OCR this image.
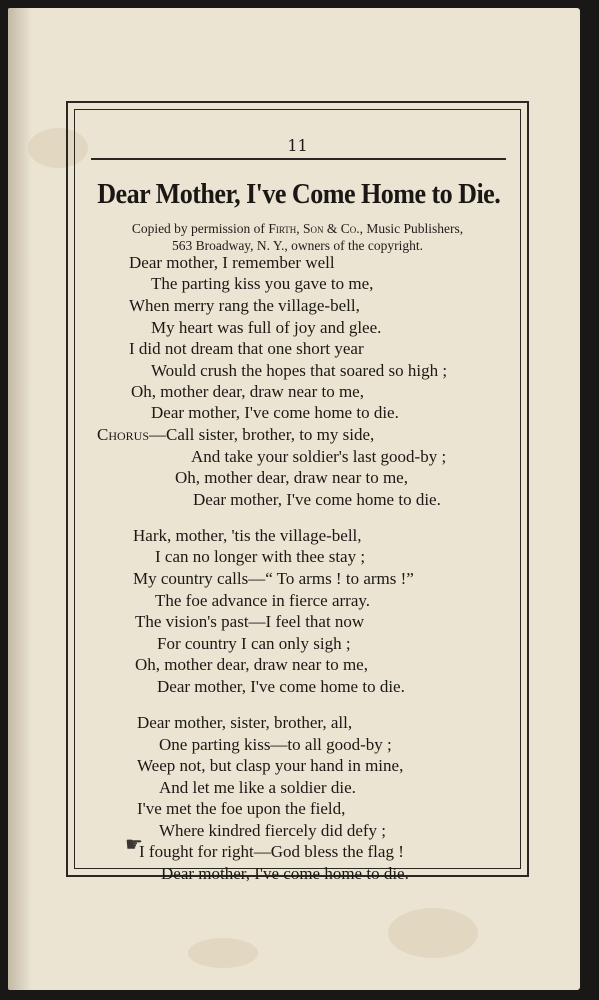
11
Dear Mother, I've Come Home to Die.
Copied by permission of Firth, Son & Co., Music Publishers,
563 Broadway, N. Y., owners of the copyright.
Dear mother, I remember well
The parting kiss you gave to me,
When merry rang the village-bell,
My heart was full of joy and glee.
I did not dream that one short year
Would crush the hopes that soared so high ;
Oh, mother dear, draw near to me,
Dear mother, I've come home to die.
Chorus—Call sister, brother, to my side,
And take your soldier's last good-by ;
Oh, mother dear, draw near to me,
Dear mother, I've come home to die.
Hark, mother, 'tis the village-bell,
I can no longer with thee stay ;
My country calls—“ To arms ! to arms !”
The foe advance in fierce array.
The vision's past—I feel that now
For country I can only sigh ;
Oh, mother dear, draw near to me,
Dear mother, I've come home to die.
Dear mother, sister, brother, all,
One parting kiss—to all good-by ;
Weep not, but clasp your hand in mine,
And let me like a soldier die.
I've met the foe upon the field,
Where kindred fiercely did defy ;
I fought for right—God bless the flag !
Dear mother, I've come home to die.
☛
